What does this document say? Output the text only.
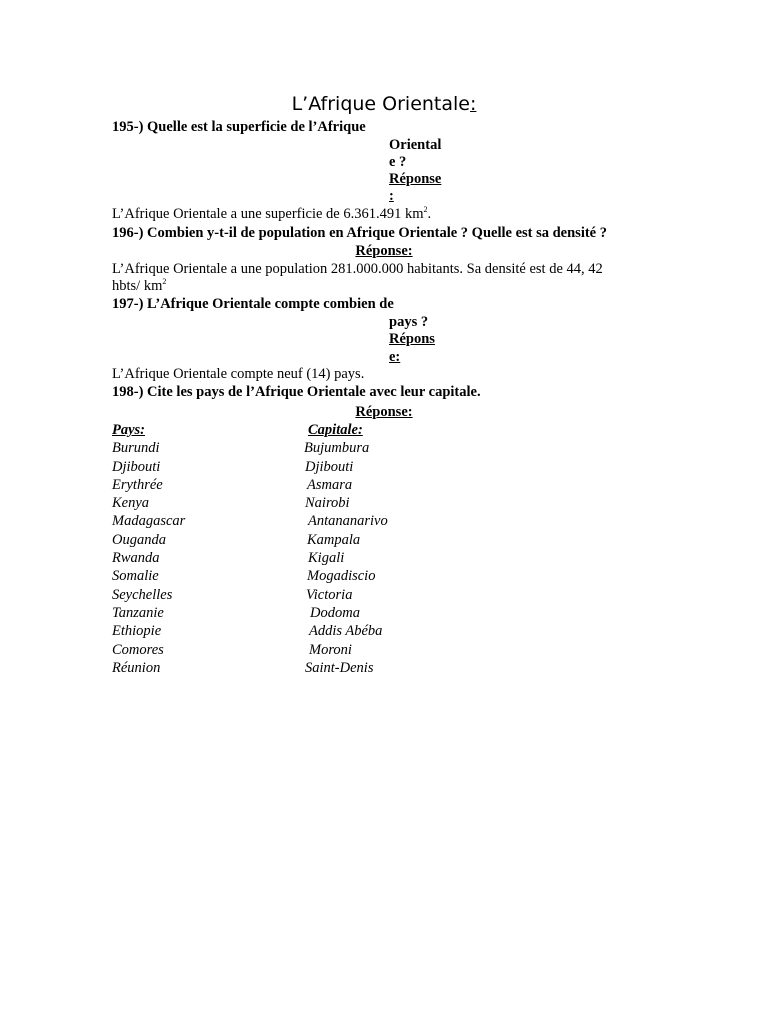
L’Afrique Orientale:
195-) Quelle est la superficie de l’Afrique
Oriental
e ?
Réponse
:
L’Afrique Orientale a une superficie de 6.361.491 $km^2$.
196-) Combien y-t-il de population en Afrique Orientale ? Quelle est sa densité ?
Réponse:
L’Afrique Orientale a une population 281.000.000 habitants. Sa densité est de 44, 42
hbts/ $km^2$
197-) L’Afrique Orientale compte combien de
pays ?
Répons
e:
L’Afrique Orientale compte neuf (14) pays.
198-) Cite les pays de l’Afrique Orientale avec leur capitale.
Réponse:
Pays:	Capitale:
Burundi	Bujumbura
Djibouti	Djibouti
Erythrée	Asmara
Kenya	Nairobi
Madagascar	Antananarivo
Ouganda	Kampala
Rwanda	Kigali
Somalie	Mogadiscio
Seychelles	Victoria
Tanzanie	Dodoma
Ethiopie	Addis Abéba
Comores	Moroni
Réunion	Saint-Denis
